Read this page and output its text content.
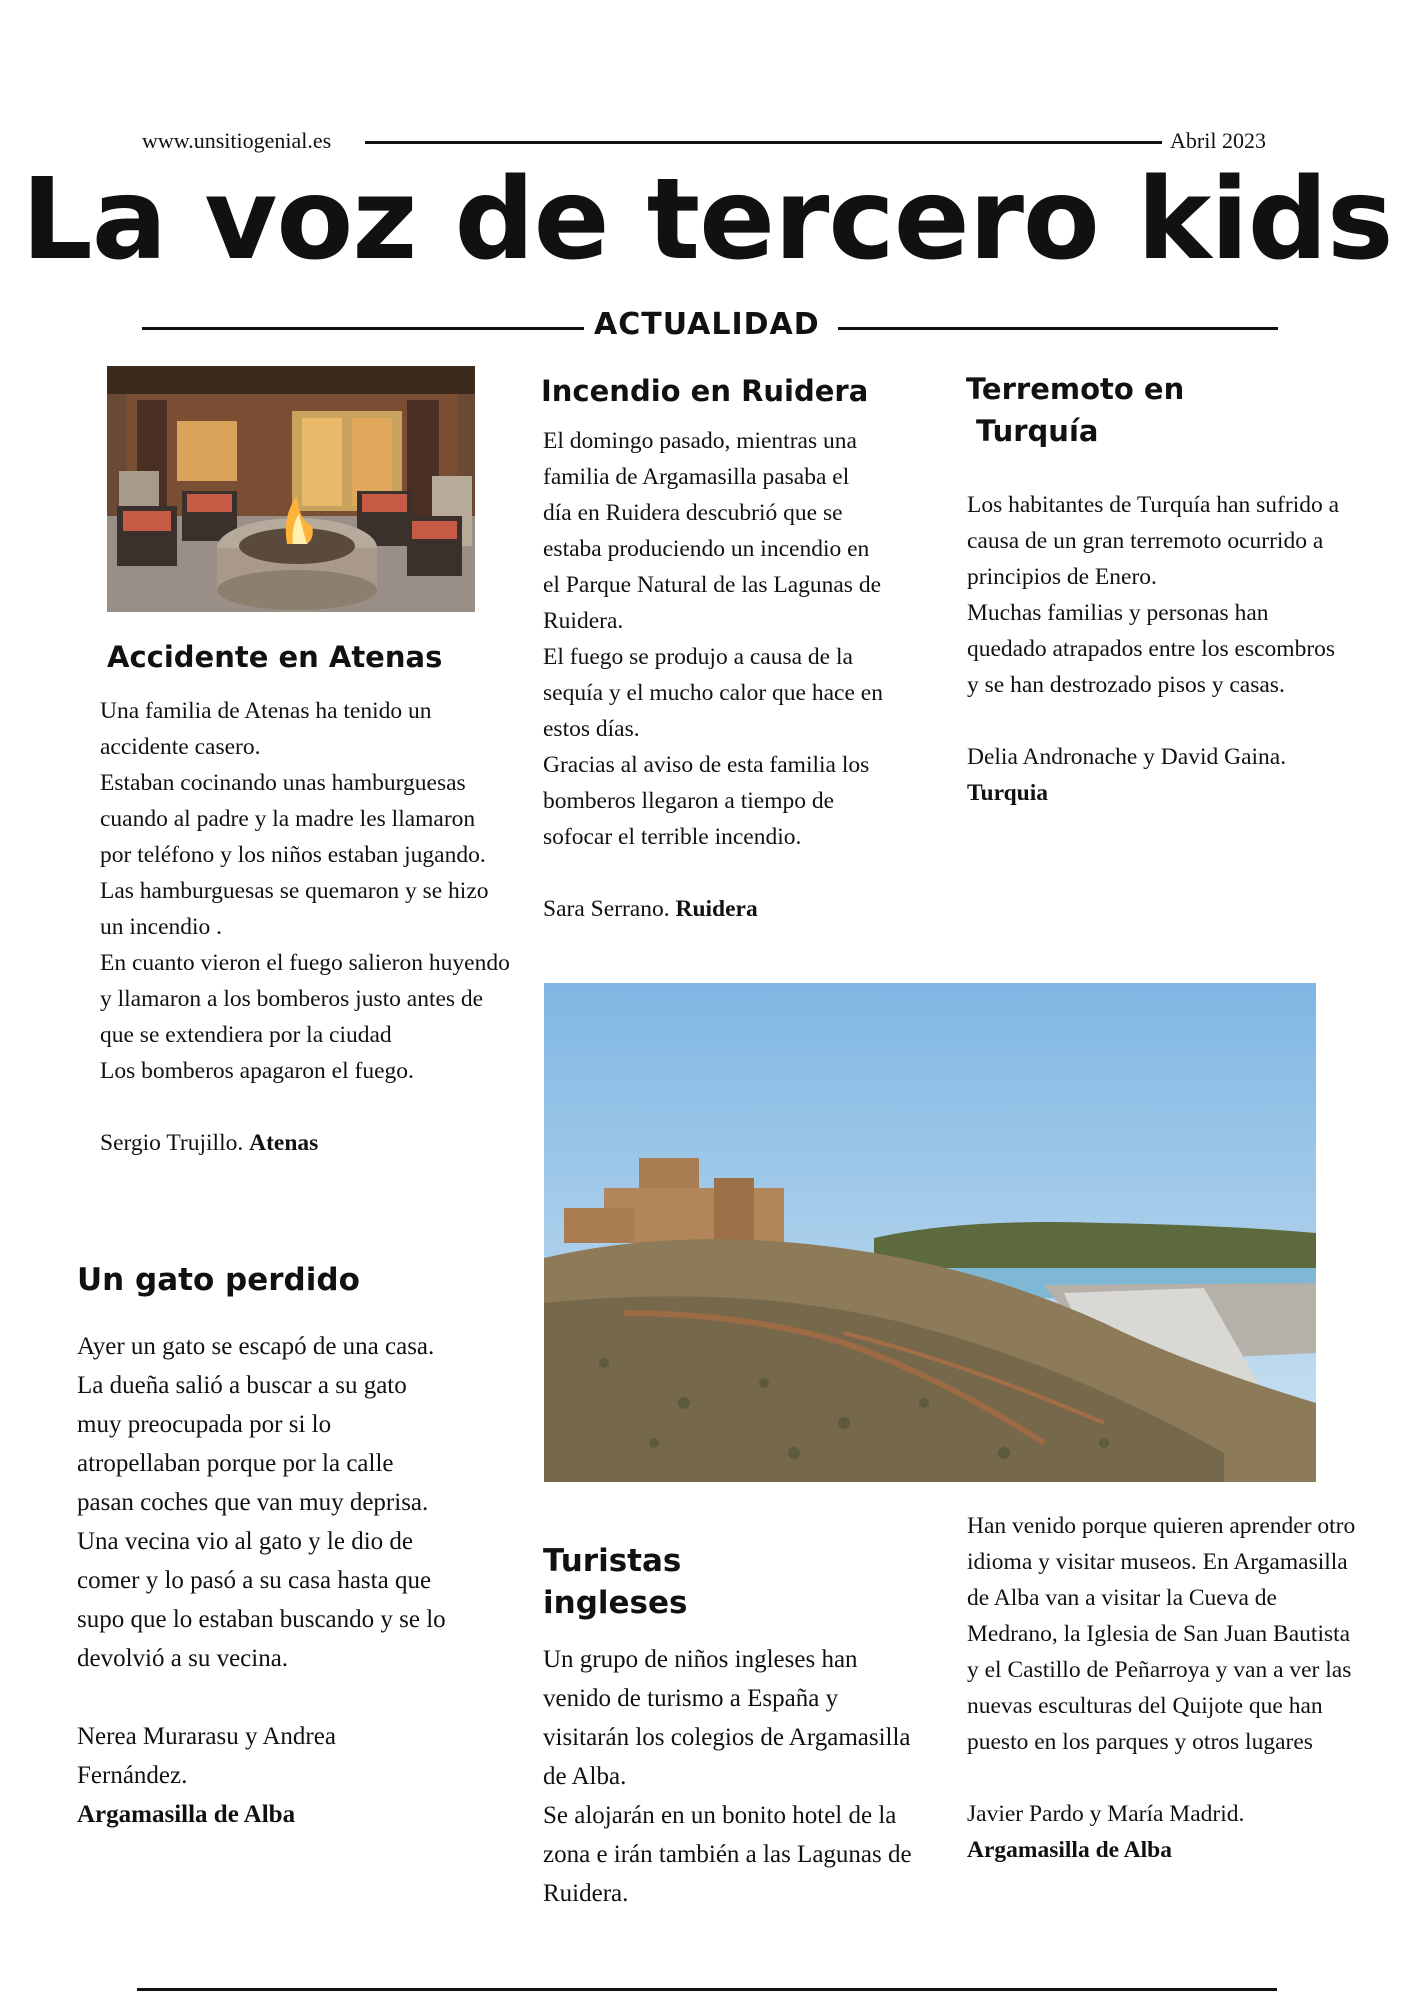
www.unsitiogenial.es	Abril 2023
La voz de tercero kids
ACTUALIDAD
Accidente en Atenas

Una familia de Atenas ha tenido un accidente casero.

Estaban cocinando unas hamburguesas cuando al padre y la madre les llamaron por teléfono y los niños estaban jugando.

Las hamburguesas se quemaron y se hizo un incendio .

En cuanto vieron el fuego salieron huyendo y llamaron a los bomberos justo antes de que se extendiera por la ciudad

Los bomberos apagaron el fuego.

Sergio Trujillo. Atenas

Incendio en Ruidera

El domingo pasado, mientras una familia de Argamasilla pasaba el día en Ruidera descubrió que se estaba produciendo un incendio en el Parque Natural de las Lagunas de Ruidera.

El fuego se produjo a causa de la sequía y el mucho calor que hace en estos días.

Gracias al aviso de esta familia los bomberos llegaron a tiempo de sofocar el terrible incendio.

Sara Serrano. Ruidera

Terremoto en
Turquía

Los habitantes de Turquía han sufrido a causa de un gran terremoto ocurrido a principios de Enero.

Muchas familias y personas han quedado atrapados entre los escombros y se han destrozado pisos y casas.

Delia Andronache y David Gaina.
Turquia

Un gato perdido

Ayer un gato se escapó de una casa. La dueña salió a buscar a su gato muy preocupada por si lo atropellaban porque por la calle pasan coches que van muy deprisa.

Una vecina vio al gato y le dio de comer y lo pasó a su casa hasta que supo que lo estaban buscando y se lo devolvió a su vecina.

Nerea Murarasu y Andrea Fernández.

Argamasilla de Alba

Turistas
ingleses

Un grupo de niños ingleses han venido de turismo a España y visitarán los colegios de Argamasilla de Alba.

Se alojarán en un bonito hotel de la zona e irán también a las Lagunas de Ruidera.

Han venido porque quieren aprender otro idioma y visitar museos. En Argamasilla de Alba van a visitar la Cueva de Medrano, la Iglesia de San Juan Bautista y el Castillo de Peñarroya y van a ver las nuevas esculturas del Quijote que han puesto en los parques y otros lugares

Javier Pardo y María Madrid.

Argamasilla de Alba
